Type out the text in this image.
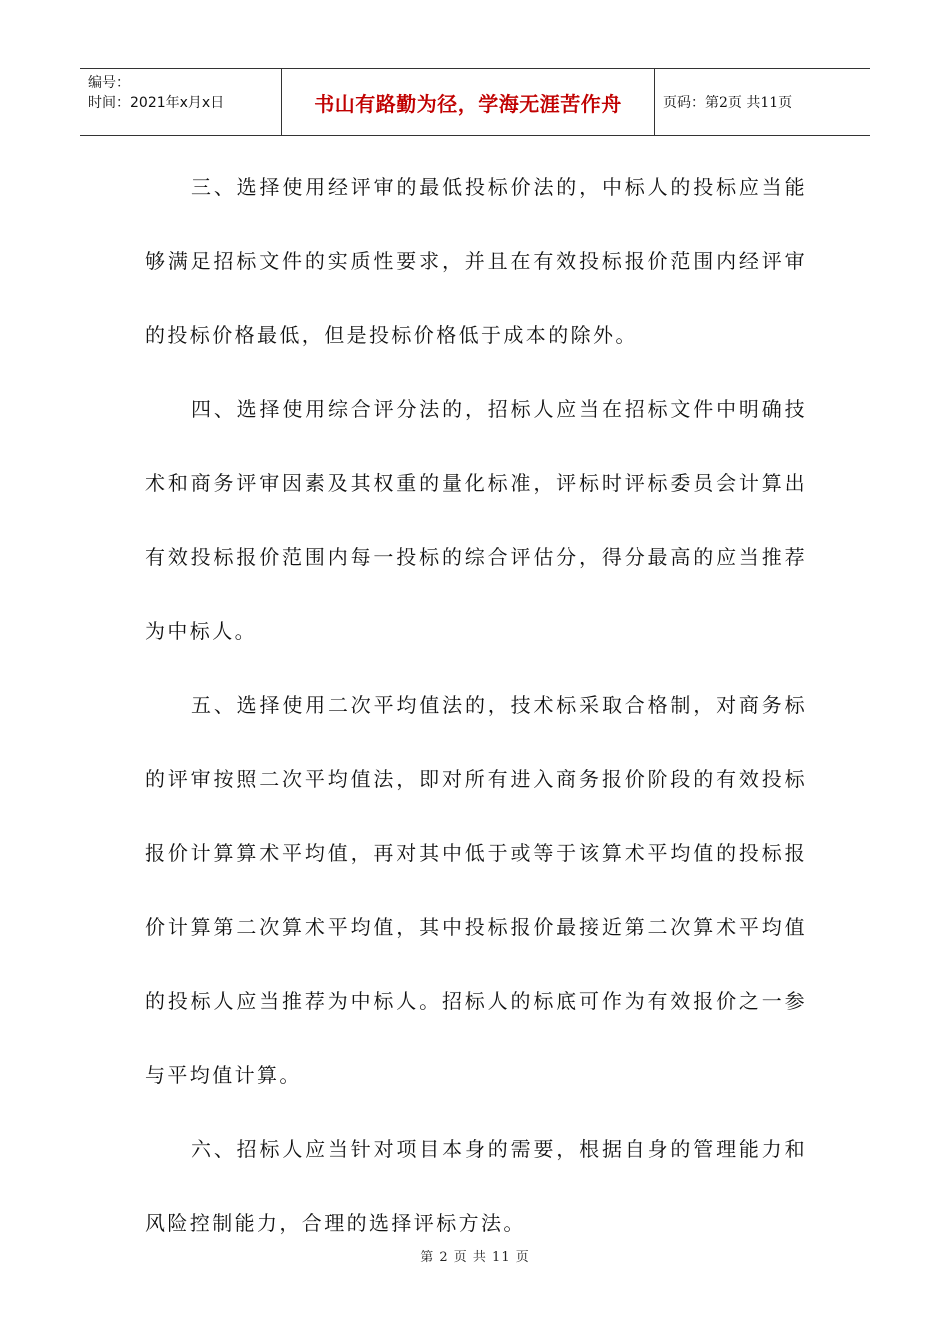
编号：
时间：2021年x月x日	书山有路勤为径，学海无涯苦作舟	页码：第2页 共11页

三、选择使用经评审的最低投标价法的，中标人的投标应当能够满足招标文件的实质性要求，并且在有效投标报价范围内经评审的投标价格最低，但是投标价格低于成本的除外。

四、选择使用综合评分法的，招标人应当在招标文件中明确技术和商务评审因素及其权重的量化标准，评标时评标委员会计算出有效投标报价范围内每一投标的综合评估分，得分最高的应当推荐为中标人。

五、选择使用二次平均值法的，技术标采取合格制，对商务标的评审按照二次平均值法，即对所有进入商务报价阶段的有效投标报价计算算术平均值，再对其中低于或等于该算术平均值的投标报价计算第二次算术平均值，其中投标报价最接近第二次算术平均值的投标人应当推荐为中标人。招标人的标底可作为有效报价之一参与平均值计算。

六、招标人应当针对项目本身的需要，根据自身的管理能力和风险控制能力，合理的选择评标方法。

第 2 页 共 11 页
